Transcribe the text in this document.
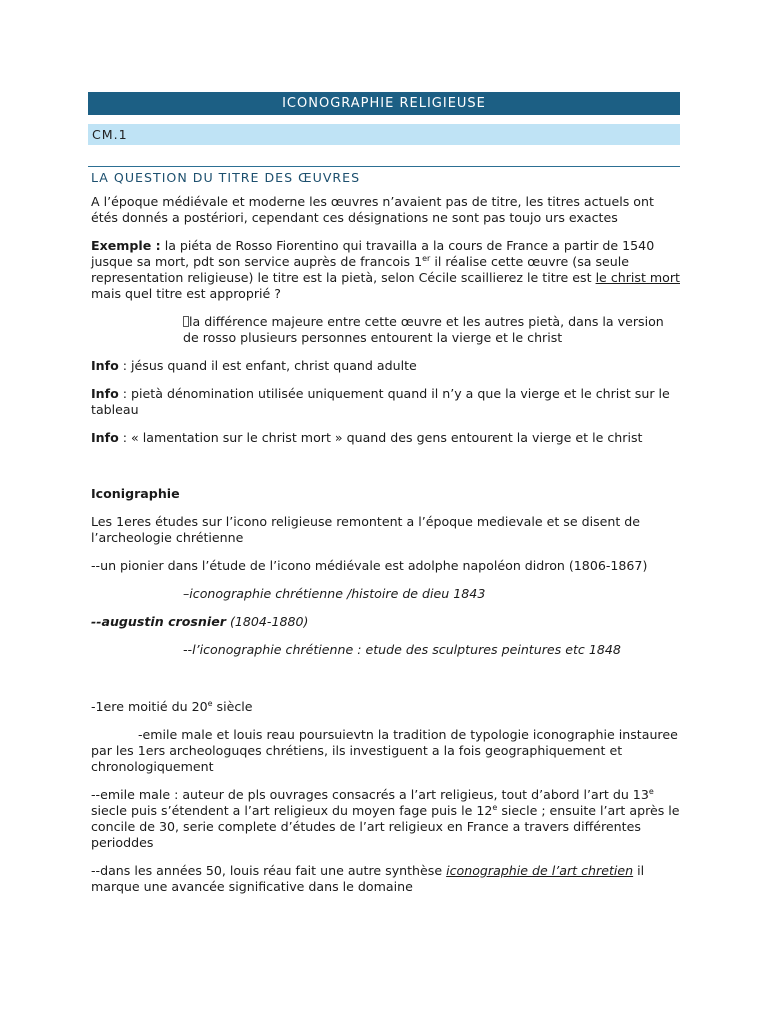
ICONOGRAPHIE RELIGIEUSE
CM.1
LA QUESTION DU TITRE DES ŒUVRES

A l’époque médiévale et moderne les œuvres n’avaient pas de titre, les titres actuels ont étés donnés a postériori, cependant ces désignations ne sont pas toujo urs exactes

Exemple : la piéta de Rosso Fiorentino qui travailla a la cours de France a partir de 1540 jusque sa mort, pdt son service auprès de francois 1er il réalise cette œuvre (sa seule representation religieuse) le titre est la pietà, selon Cécile scaillierez le titre est le christ mort mais quel titre est approprié ?

la différence majeure entre cette œuvre et les autres pietà, dans la version de rosso plusieurs personnes entourent la vierge et le christ

Info : jésus quand il est enfant, christ quand adulte

Info : pietà dénomination utilisée uniquement quand il n’y a que la vierge et le christ sur le tableau

Info : « lamentation sur le christ mort » quand des gens entourent la vierge et le christ

Iconigraphie

Les 1eres études sur l’icono religieuse remontent a l’époque medievale et se disent de l’archeologie chrétienne

--un pionier dans l’étude de l’icono médiévale est adolphe napoléon didron (1806-1867)

–iconographie chrétienne /histoire de dieu 1843

--augustin crosnier (1804-1880)

--l’iconographie chrétienne : etude des sculptures peintures etc 1848

-1ere moitié du 20e siècle

-emile male et louis reau poursuievtn la tradition de typologie iconographie instauree par les 1ers archeologuqes chrétiens, ils investiguent a la fois geographiquement et chronologiquement

--emile male : auteur de pls ouvrages consacrés a l’art religieus, tout d’abord l’art du 13e siecle puis s’étendent a l’art religieux du moyen fage puis le 12e siecle ; ensuite l’art après le concile de 30, serie complete d’études de l’art religieux en France a travers différentes perioddes

--dans les années 50, louis réau fait une autre synthèse iconographie de l’art chretien il marque une avancée significative dans le domaine
